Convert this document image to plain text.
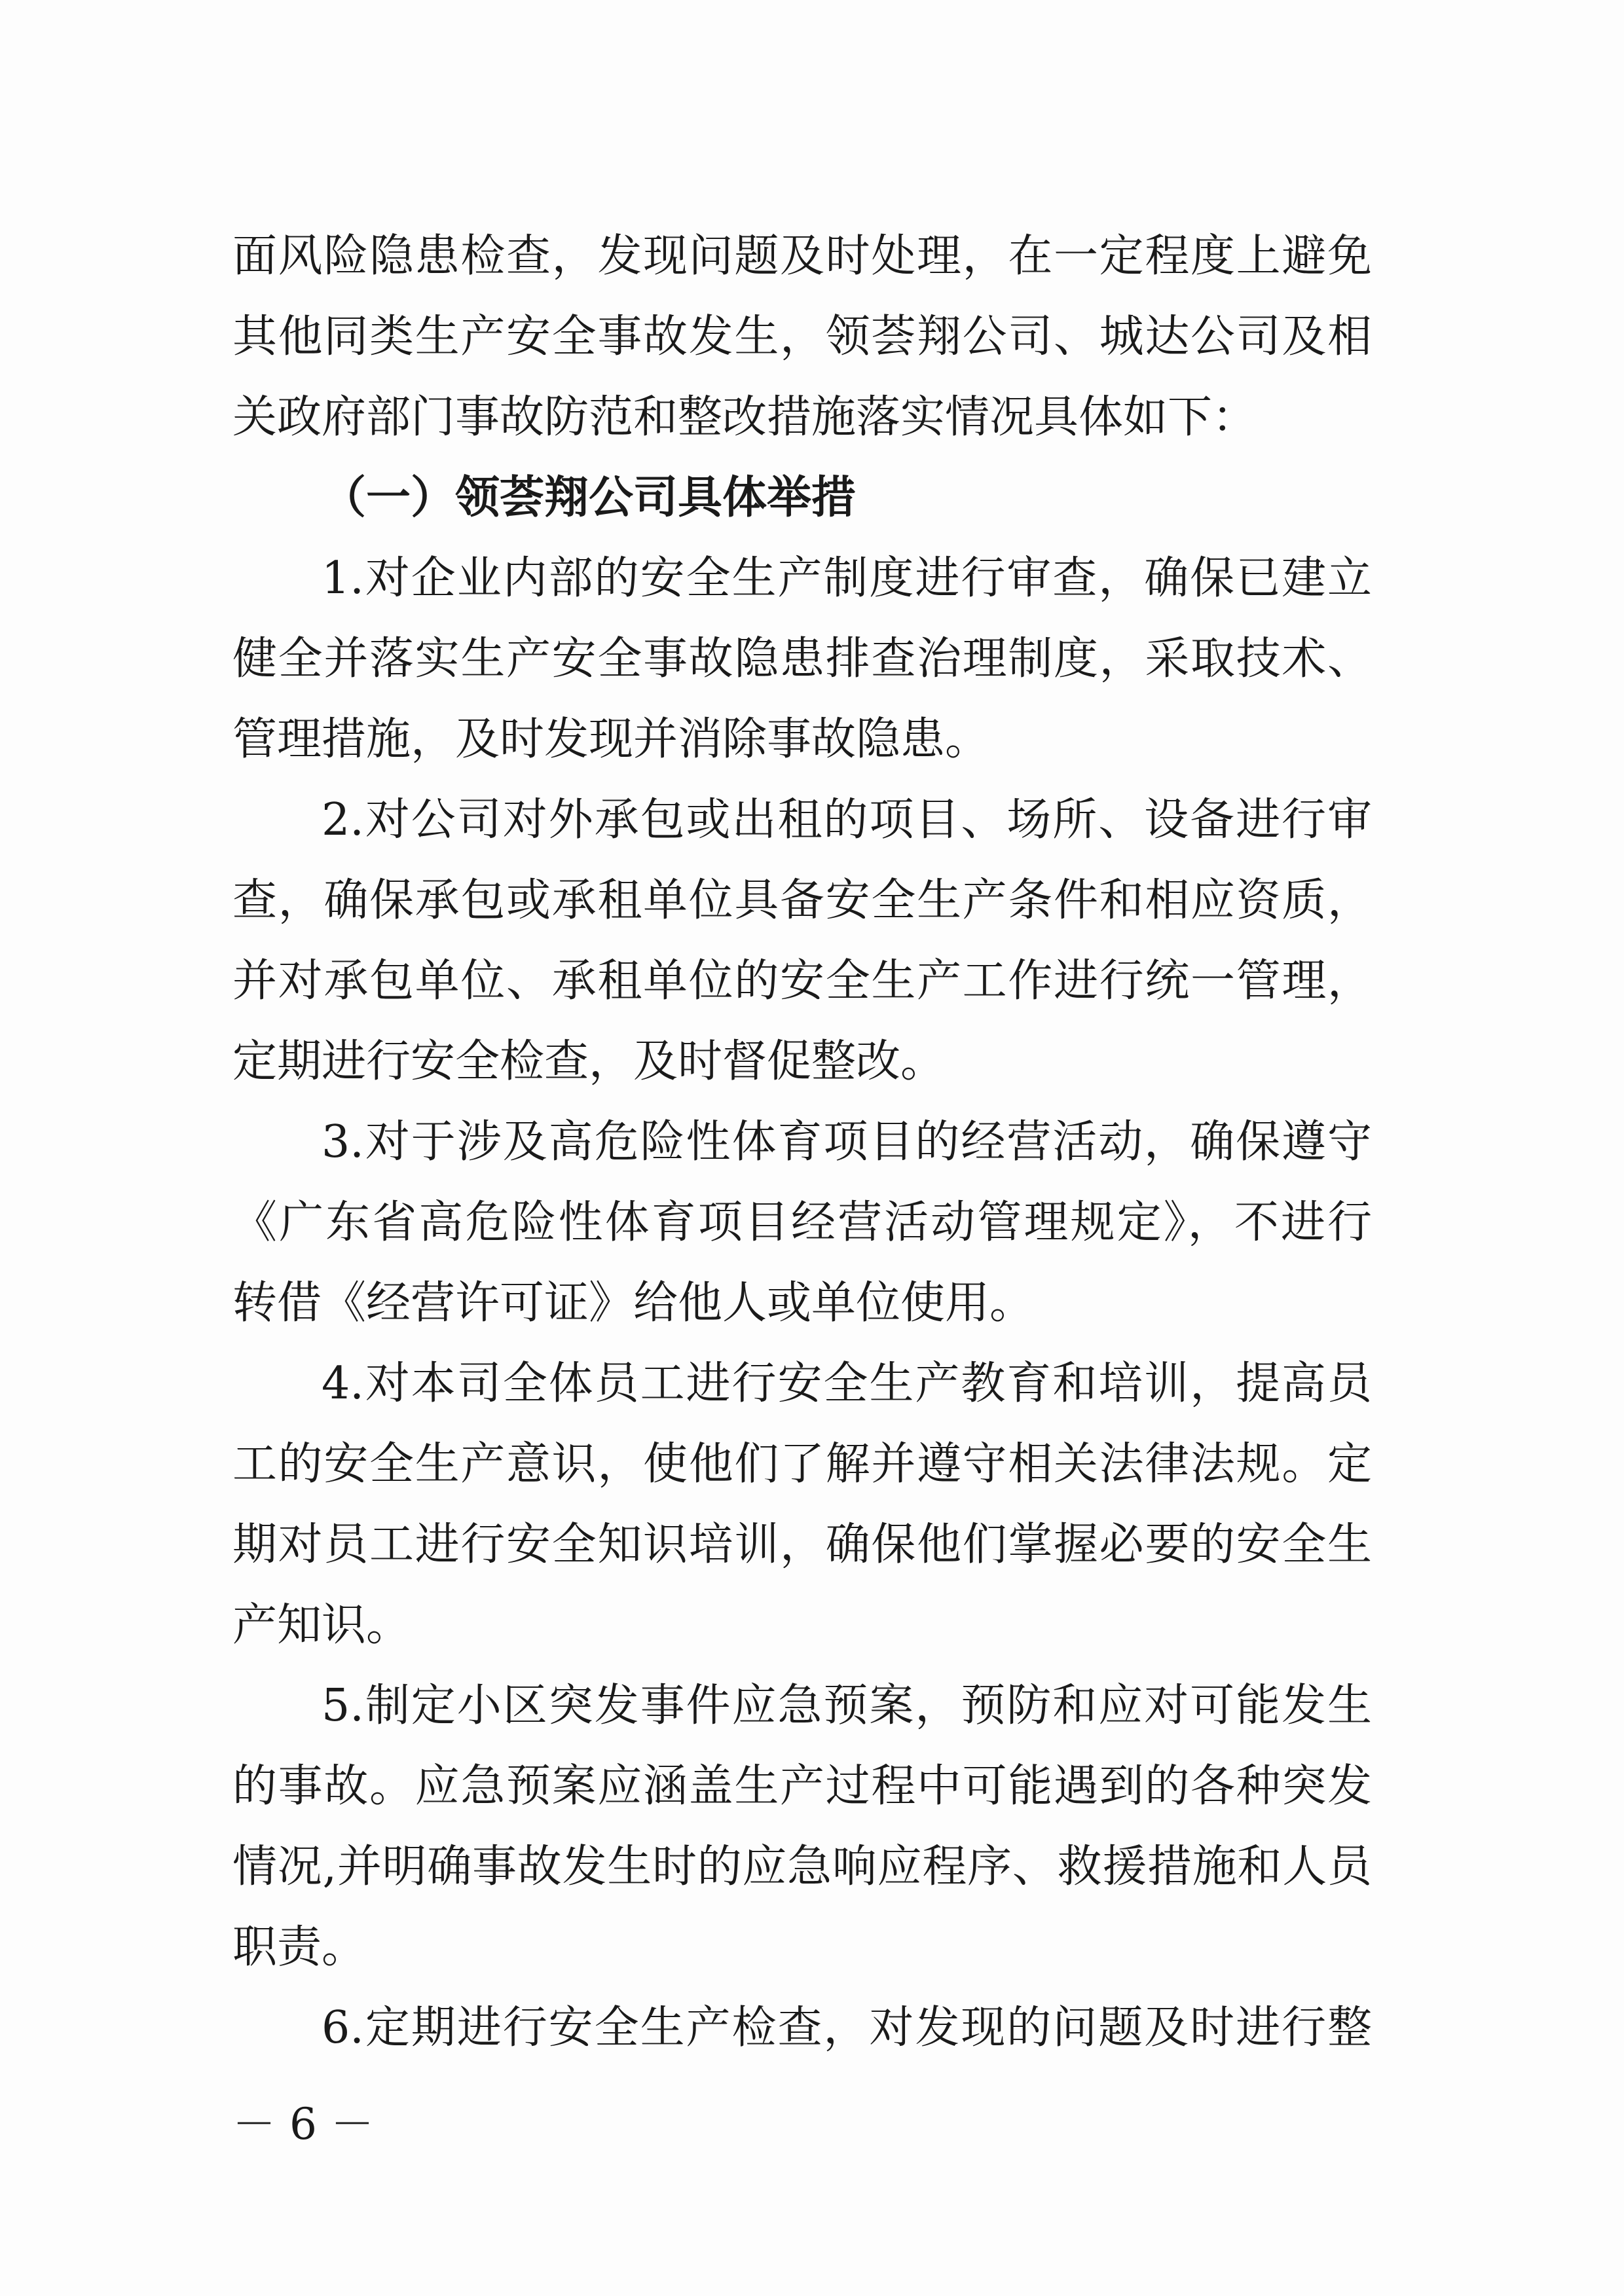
面风险隐患检查，发现问题及时处理，在一定程度上避免
其他同类生产安全事故发生，领荟翔公司、城达公司及相
关政府部门事故防范和整改措施落实情况具体如下：
（一）领荟翔公司具体举措
1.对企业内部的安全生产制度进行审查，确保已建立
健全并落实生产安全事故隐患排查治理制度，采取技术、
管理措施，及时发现并消除事故隐患。
2.对公司对外承包或出租的项目、场所、设备进行审
查，确保承包或承租单位具备安全生产条件和相应资质，
并对承包单位、承租单位的安全生产工作进行统一管理，
定期进行安全检查，及时督促整改。
3.对于涉及高危险性体育项目的经营活动，确保遵守
《广东省高危险性体育项目经营活动管理规定》，不进行
转借《经营许可证》给他人或单位使用。
4.对本司全体员工进行安全生产教育和培训，提高员
工的安全生产意识，使他们了解并遵守相关法律法规。定
期对员工进行安全知识培训，确保他们掌握必要的安全生
产知识。
5.制定小区突发事件应急预案，预防和应对可能发生
的事故。应急预案应涵盖生产过程中可能遇到的各种突发
情况,并明确事故发生时的应急响应程序、救援措施和人员
职责。
6.定期进行安全生产检查，对发现的问题及时进行整
－ 6 －
